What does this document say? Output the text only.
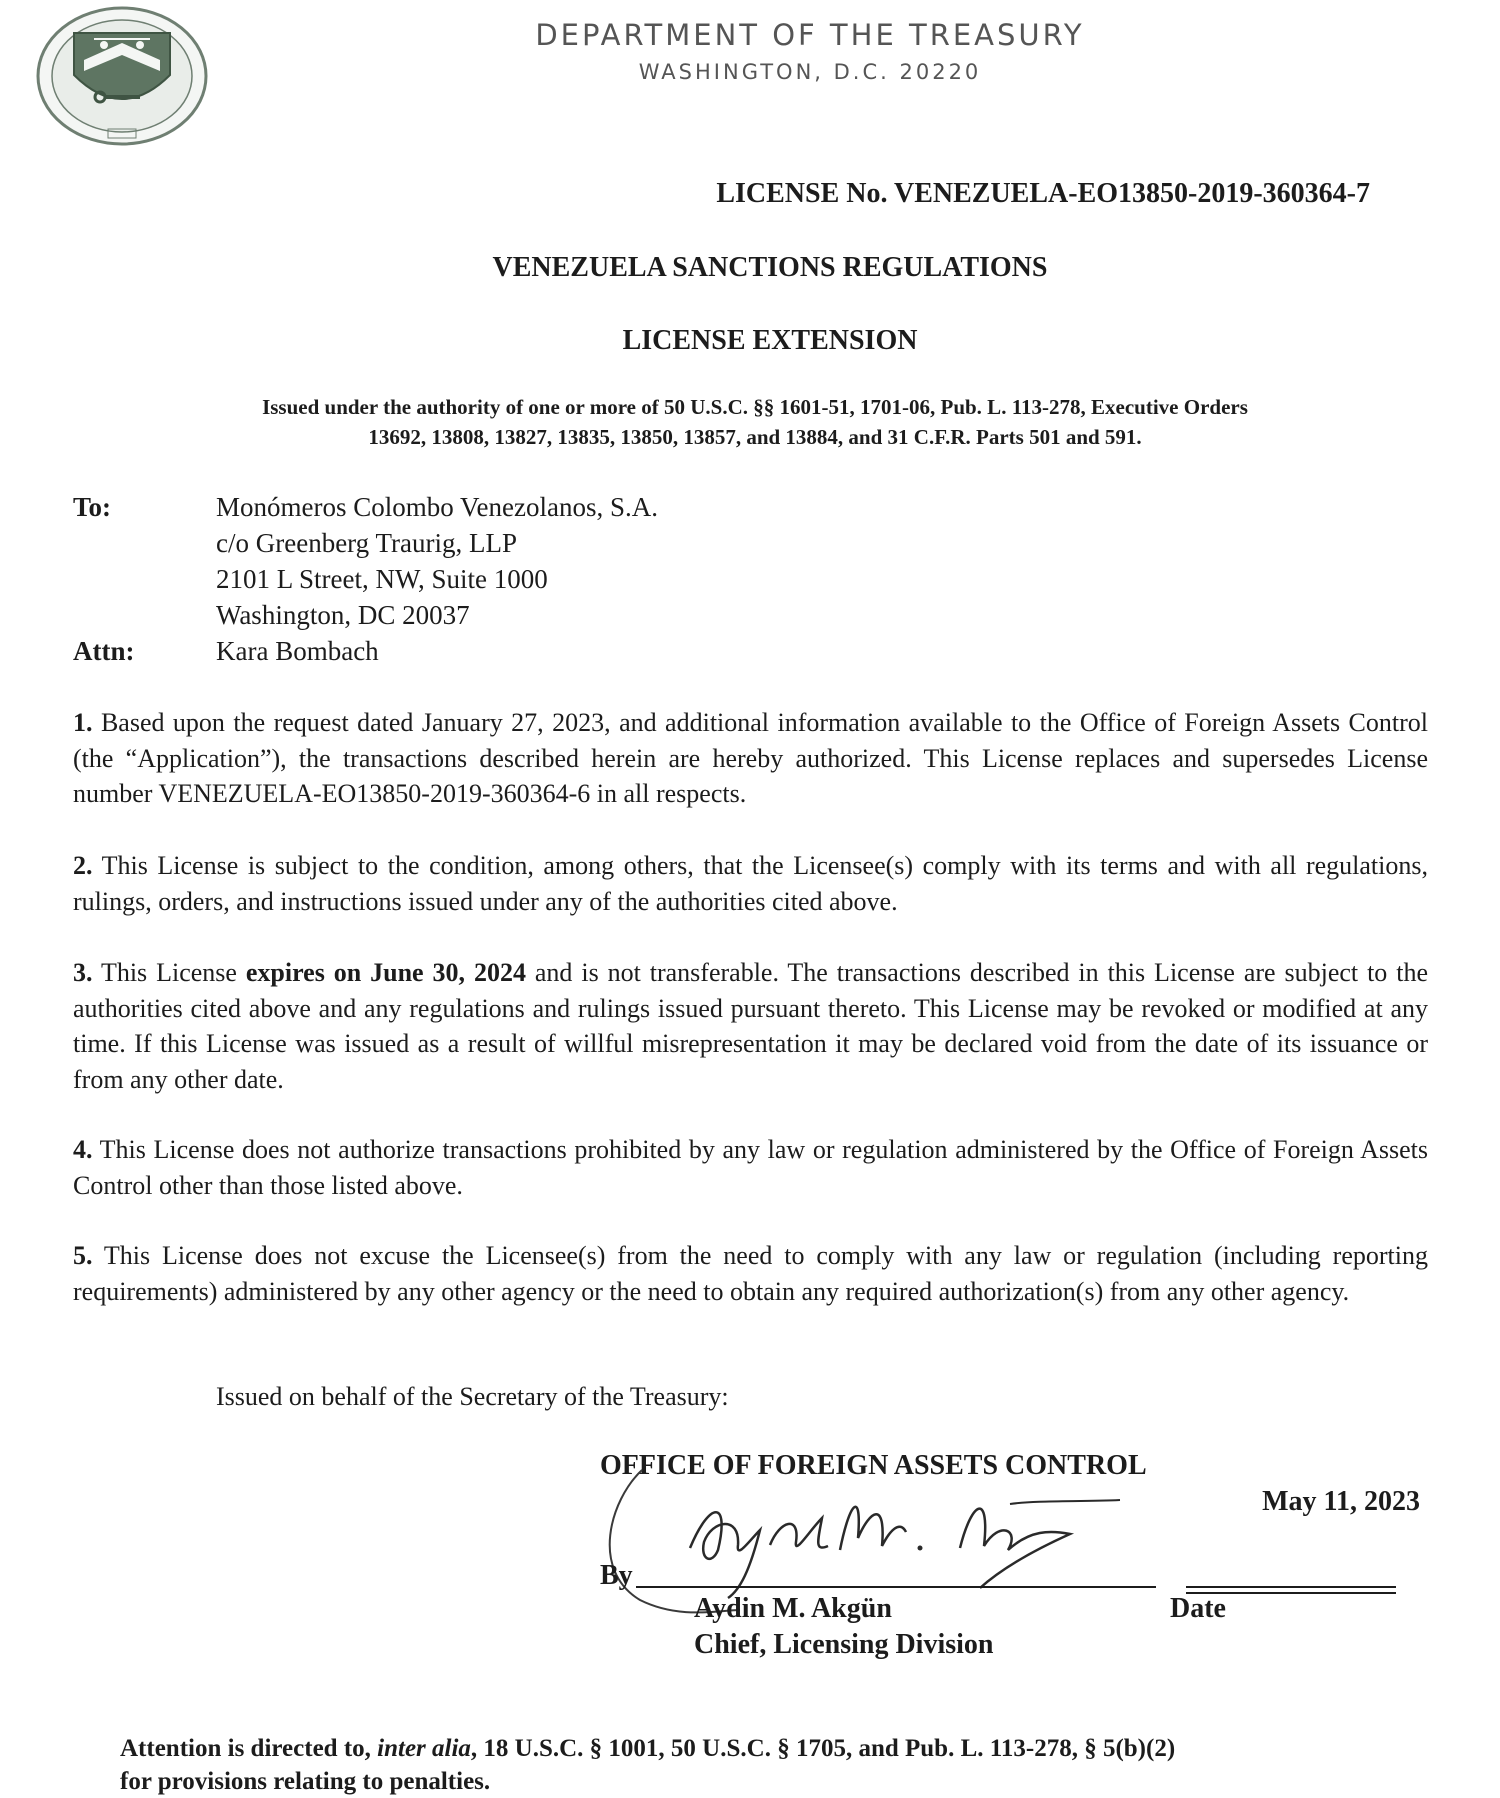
DEPARTMENT OF THE TREASURY
WASHINGTON, D.C. 20220
LICENSE No. VENEZUELA-EO13850-2019-360364-7
VENEZUELA SANCTIONS REGULATIONS
LICENSE EXTENSION
Issued under the authority of one or more of 50 U.S.C. §§ 1601-51, 1701-06, Pub. L. 113-278, Executive Orders
13692, 13808, 13827, 13835, 13850, 13857, and 13884, and 31 C.F.R. Parts 501 and 591.
To:	Monómeros Colombo Venezolanos, S.A.
c/o Greenberg Traurig, LLP
2101 L Street, NW, Suite 1000
Washington, DC 20037
Attn:	Kara Bombach
1. Based upon the request dated January 27, 2023, and additional information available to the Office of Foreign Assets Control (the “Application”), the transactions described herein are hereby authorized. This License replaces and supersedes License number VENEZUELA-EO13850-2019-360364-6 in all respects.
2. This License is subject to the condition, among others, that the Licensee(s) comply with its terms and with all regulations, rulings, orders, and instructions issued under any of the authorities cited above.
3. This License expires on June 30, 2024 and is not transferable. The transactions described in this License are subject to the authorities cited above and any regulations and rulings issued pursuant thereto. This License may be revoked or modified at any time. If this License was issued as a result of willful misrepresentation it may be declared void from the date of its issuance or from any other date.
4. This License does not authorize transactions prohibited by any law or regulation administered by the Office of Foreign Assets Control other than those listed above.
5. This License does not excuse the Licensee(s) from the need to comply with any law or regulation (including reporting requirements) administered by any other agency or the need to obtain any required authorization(s) from any other agency.
Issued on behalf of the Secretary of the Treasury:
OFFICE OF FOREIGN ASSETS CONTROL
May 11, 2023
By
Aydin M. Akgün
Chief, Licensing Division
Date
Attention is directed to, inter alia, 18 U.S.C. § 1001, 50 U.S.C. § 1705, and Pub. L. 113-278, § 5(b)(2)
for provisions relating to penalties.
